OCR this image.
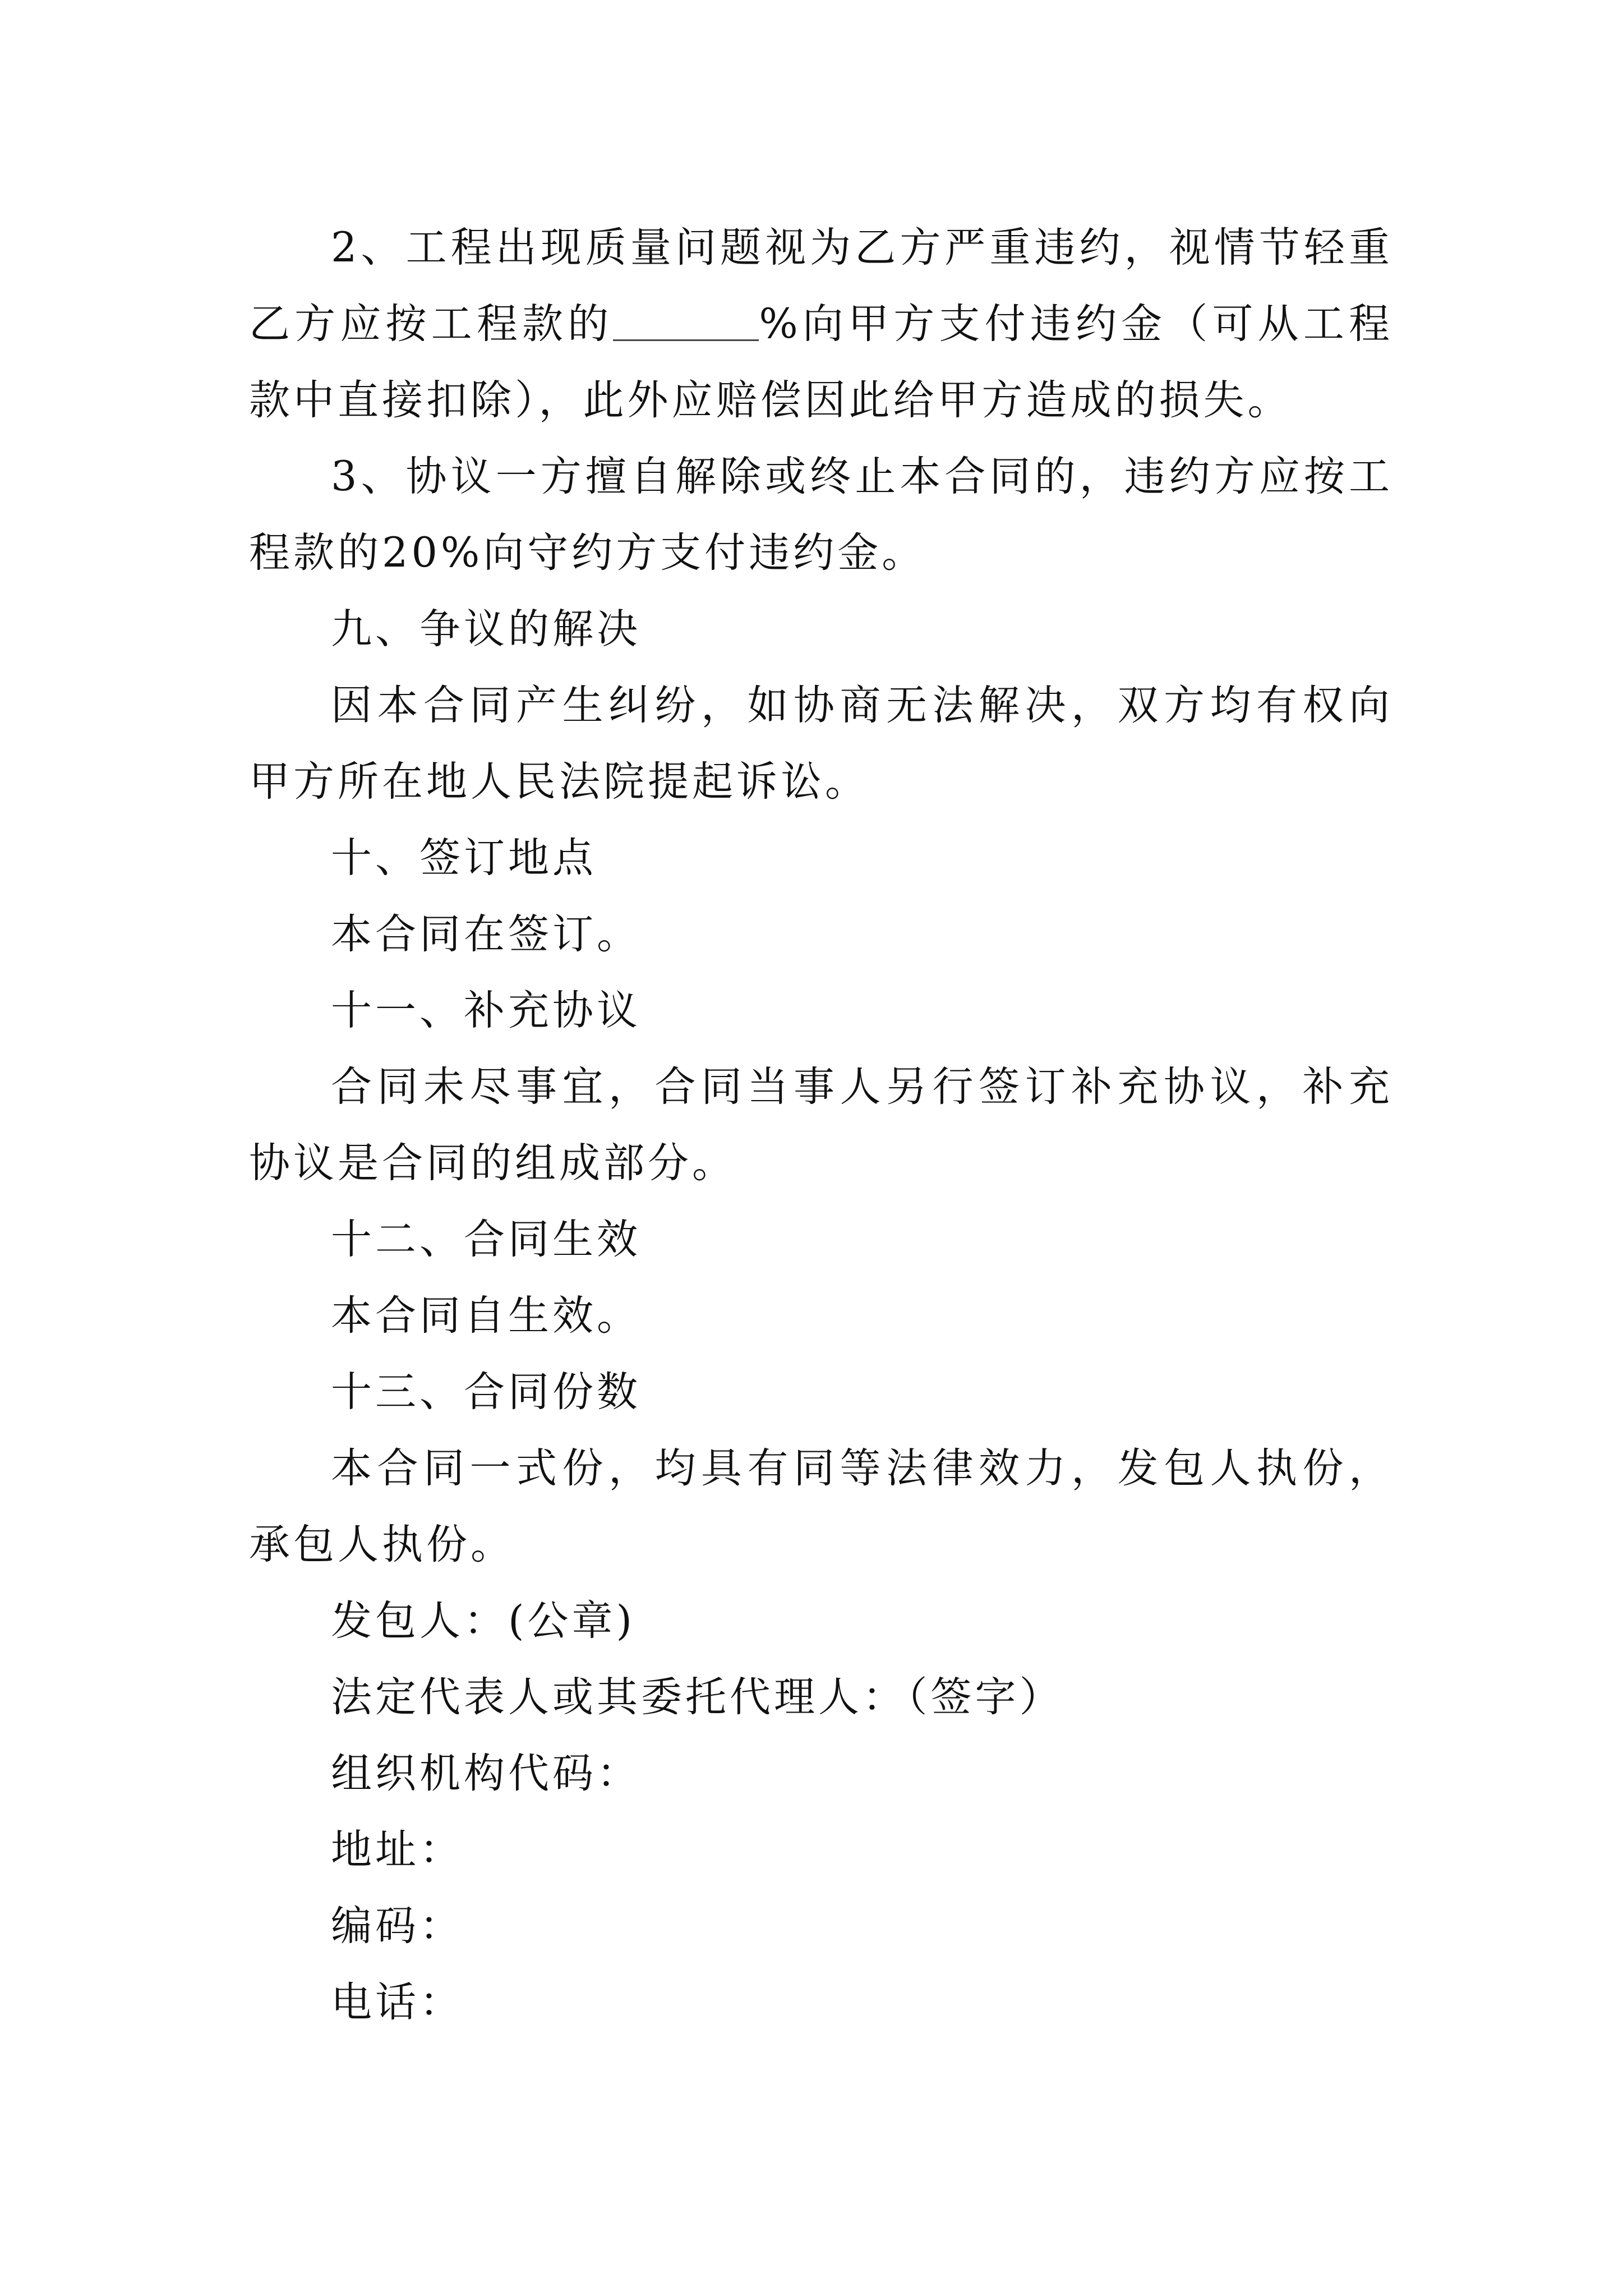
2、工程出现质量问题视为乙方严重违约，视情节轻重乙方应按工程款的	%向甲方支付违约金（可从工程款中直接扣除），此外应赔偿因此给甲方造成的损失。

3、协议一方擅自解除或终止本合同的，违约方应按工程款的20%向守约方支付违约金。

九、争议的解决

因本合同产生纠纷，如协商无法解决，双方均有权向甲方所在地人民法院提起诉讼。

十、签订地点

本合同在签订。

十一、补充协议

合同未尽事宜，合同当事人另行签订补充协议，补充协议是合同的组成部分。

十二、合同生效

本合同自生效。

十三、合同份数

本合同一式份，均具有同等法律效力，发包人执份，承包人执份。

发包人：(公章)

法定代表人或其委托代理人：（签字）

组织机构代码：

地址：

编码：

电话：
